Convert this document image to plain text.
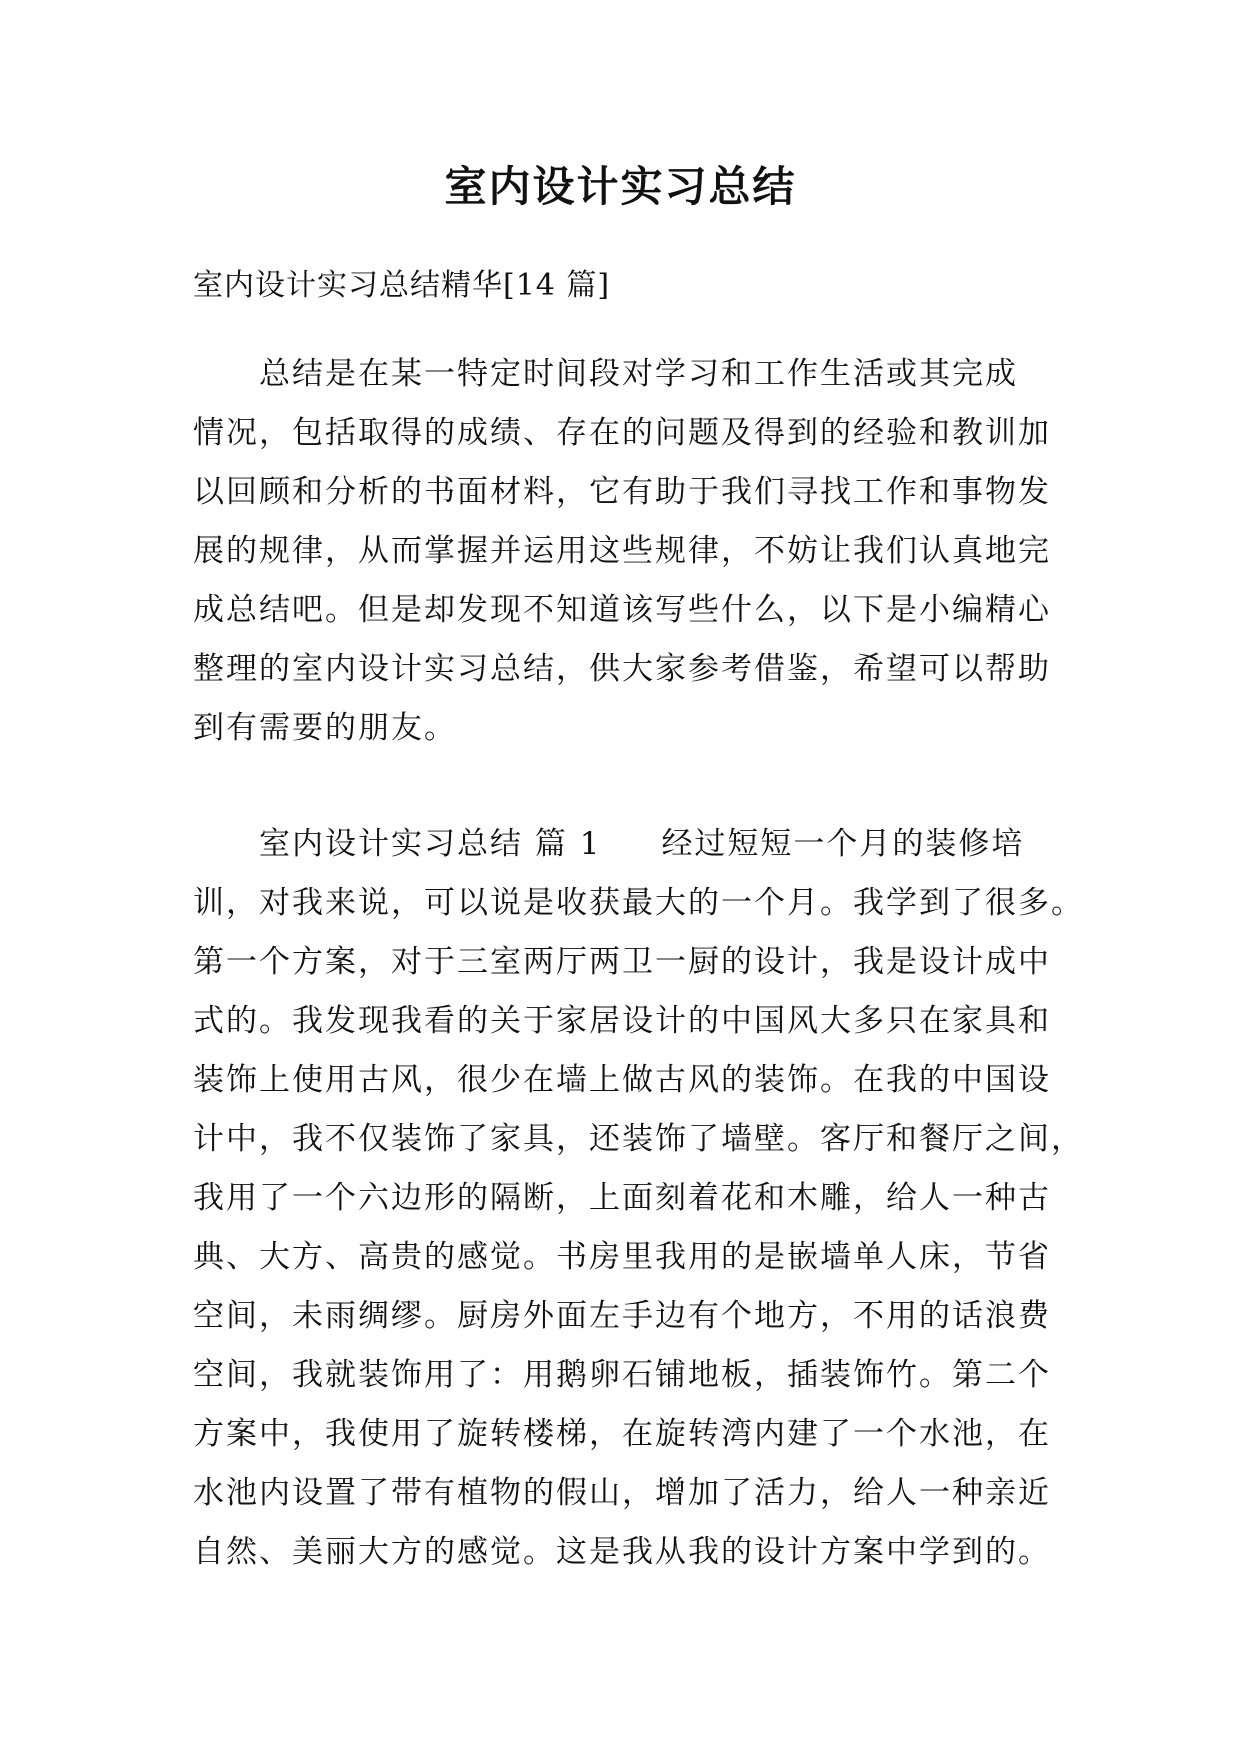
室内设计实习总结
室内设计实习总结精华[14 篇]
总结是在某一特定时间段对学习和工作生活或其完成
情况，包括取得的成绩、存在的问题及得到的经验和教训加
以回顾和分析的书面材料，它有助于我们寻找工作和事物发
展的规律，从而掌握并运用这些规律，不妨让我们认真地完
成总结吧。但是却发现不知道该写些什么，以下是小编精心
整理的室内设计实习总结，供大家参考借鉴，希望可以帮助
到有需要的朋友。
室内设计实习总结 篇 1 经过短短一个月的装修培
训，对我来说，可以说是收获最大的一个月。我学到了很多。
第一个方案，对于三室两厅两卫一厨的设计，我是设计成中
式的。我发现我看的关于家居设计的中国风大多只在家具和
装饰上使用古风，很少在墙上做古风的装饰。在我的中国设
计中，我不仅装饰了家具，还装饰了墙壁。客厅和餐厅之间，
我用了一个六边形的隔断，上面刻着花和木雕，给人一种古
典、大方、高贵的感觉。书房里我用的是嵌墙单人床，节省
空间，未雨绸缪。厨房外面左手边有个地方，不用的话浪费
空间，我就装饰用了：用鹅卵石铺地板，插装饰竹。第二个
方案中，我使用了旋转楼梯，在旋转湾内建了一个水池，在
水池内设置了带有植物的假山，增加了活力，给人一种亲近
自然、美丽大方的感觉。这是我从我的设计方案中学到的。
